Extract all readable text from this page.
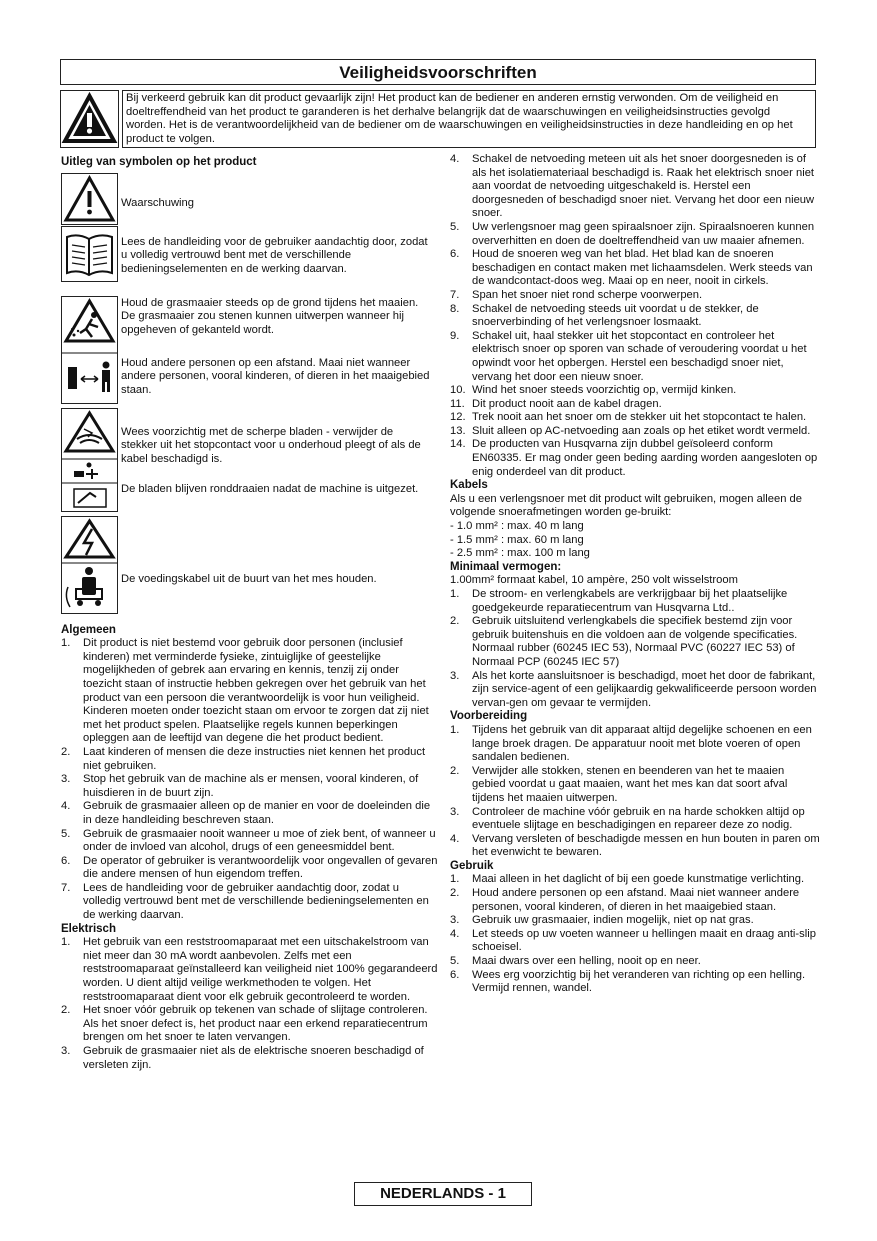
Veiligheidsvoorschriften
Bij verkeerd gebruik kan dit product gevaarlijk zijn! Het product kan de bediener en anderen ernstig verwonden. Om de veiligheid en doeltreffendheid van het product te garanderen is het derhalve belangrijk dat de waarschuwingen en veiligheidsinstructies gevolgd worden. Het is de verantwoordelijkheid van de bediener om de waarschuwingen en veiligheidsinstructies in deze handleiding en op het product te volgen.
Uitleg van symbolen op het product
Waarschuwing
Lees de handleiding voor de gebruiker aandachtig door, zodat u volledig vertrouwd bent met de verschillende bedieningselementen en de werking daarvan.
Houd de grasmaaier steeds op de grond tijdens het maaien. De grasmaaier zou stenen kunnen uitwerpen wanneer hij opgeheven of gekanteld wordt.
Houd andere personen op een afstand. Maai niet wanneer andere personen, vooral kinderen, of dieren in het maaigebied staan.
Wees voorzichtig met de scherpe bladen - verwijder de stekker uit het stopcontact voor u onderhoud pleegt of als de kabel beschadigd is.
De bladen blijven ronddraaien nadat de machine is uitgezet.
De voedingskabel uit de buurt van het mes houden.
Algemeen
1. Dit product is niet bestemd voor gebruik door personen (inclusief kinderen) met verminderde fysieke, zintuiglijke of geestelijke mogelijkheden of gebrek aan ervaring en kennis, tenzij zij onder toezicht staan of instructie hebben gekregen over het gebruik van het product van een persoon die verantwoordelijk is voor hun veiligheid. Kinderen moeten onder toezicht staan om ervoor te zorgen dat zij niet met het product spelen. Plaatselijke regels kunnen beperkingen opleggen aan de leeftijd van degene die het product bedient.
2. Laat kinderen of mensen die deze instructies niet kennen het product niet gebruiken.
3. Stop het gebruik van de machine als er mensen, vooral kinderen, of huisdieren in de buurt zijn.
4. Gebruik de grasmaaier alleen op de manier en voor de doeleinden die in deze handleiding beschreven staan.
5. Gebruik de grasmaaier nooit wanneer u moe of ziek bent, of wanneer u onder de invloed van alcohol, drugs of een geneesmiddel bent.
6. De operator of gebruiker is verantwoordelijk voor ongevallen of gevaren die andere mensen of hun eigendom treffen.
7. Lees de handleiding voor de gebruiker aandachtig door, zodat u volledig vertrouwd bent met de verschillende bedieningselementen en de werking daarvan.
Elektrisch
1. Het gebruik van een reststroomaparaat met een uitschakelstroom van niet meer dan 30 mA wordt aanbevolen. Zelfs met een reststroomaparaat geïnstalleerd kan veiligheid niet 100% gegarandeerd worden. U dient altijd veilige werkmethoden te volgen. Het reststroomaparaat dient voor elk gebruik gecontroleerd te worden.
2. Het snoer vóór gebruik op tekenen van schade of slijtage controleren. Als het snoer defect is, het product naar een erkend reparatiecentrum brengen om het snoer te laten vervangen.
3. Gebruik de grasmaaier niet als de elektrische snoeren beschadigd of versleten zijn.
4. Schakel de netvoeding meteen uit als het snoer doorgesneden is of als het isolatiemateriaal beschadigd is. Raak het elektrisch snoer niet aan voordat de netvoeding uitgeschakeld is. Herstel een doorgesneden of beschadigd snoer niet. Vervang het door een nieuw snoer.
5. Uw verlengsnoer mag geen spiraalsnoer zijn. Spiraalsnoeren kunnen oververhitten en doen de doeltreffendheid van uw maaier afnemen.
6. Houd de snoeren weg van het blad. Het blad kan de snoeren beschadigen en contact maken met lichaamsdelen. Werk steeds van de wandcontact-doos weg. Maai op en neer, nooit in cirkels.
7. Span het snoer niet rond scherpe voorwerpen.
8. Schakel de netvoeding steeds uit voordat u de stekker, de snoerverbinding of het verlengsnoer losmaakt.
9. Schakel uit, haal stekker uit het stopcontact en controleer het elektrisch snoer op sporen van schade of veroudering voordat u het opwindt voor het opbergen. Herstel een beschadigd snoer niet, vervang het door een nieuw snoer.
10. Wind het snoer steeds voorzichtig op, vermijd kinken.
11. Dit product nooit aan de kabel dragen.
12. Trek nooit aan het snoer om de stekker uit het stopcontact te halen.
13. Sluit alleen op AC-netvoeding aan zoals op het etiket wordt vermeld.
14. De producten van Husqvarna zijn dubbel geïsoleerd conform EN60335. Er mag onder geen beding aarding worden aangesloten op enig onderdeel van dit product.
Kabels

Als u een verlengsnoer met dit product wilt gebruiken, mogen alleen de volgende snoerafmetingen worden ge-bruikt:

- 1.0 mm² : max. 40 m lang
- 1.5 mm² : max. 60 m lang
- 2.5 mm² : max. 100 m lang
Minimaal vermogen:

1.00mm² formaat kabel, 10 ampère, 250 volt wisselstroom

1. De stroom- en verlengkabels are verkrijgbaar bij het plaatselijke goedgekeurde reparatiecentrum van Husqvarna Ltd..
2. Gebruik uitsluitend verlengkabels die specifiek bestemd zijn voor gebruik buitenshuis en die voldoen aan de volgende specificaties. Normaal rubber (60245 IEC 53), Normaal PVC (60227 IEC 53) of Normaal PCP (60245 IEC 57)
3. Als het korte aansluitsnoer is beschadigd, moet het door de fabrikant, zijn service-agent of een gelijkaardig gekwalificeerde persoon worden vervan-gen om gevaar te vermijden.
Voorbereiding
1. Tijdens het gebruik van dit apparaat altijd degelijke schoenen en een lange broek dragen. De apparatuur nooit met blote voeren of open sandalen bedienen.
2. Verwijder alle stokken, stenen en beenderen van het te maaien gebied voordat u gaat maaien, want het mes kan dat soort afval tijdens het maaien uitwerpen.
3. Controleer de machine vóór gebruik en na harde schokken altijd op eventuele slijtage en beschadigingen en repareer deze zo nodig.
4. Vervang versleten of beschadigde messen en hun bouten in paren om het evenwicht te bewaren.
Gebruik
1. Maai alleen in het daglicht of bij een goede kunstmatige verlichting.
2. Houd andere personen op een afstand. Maai niet wanneer andere personen, vooral kinderen, of dieren in het maaigebied staan.
3. Gebruik uw grasmaaier, indien mogelijk, niet op nat gras.
4. Let steeds op uw voeten wanneer u hellingen maait en draag anti-slip schoeisel.
5. Maai dwars over een helling, nooit op en neer.
6. Wees erg voorzichtig bij het veranderen van richting op een helling. Vermijd rennen, wandel.
NEDERLANDS - 1
